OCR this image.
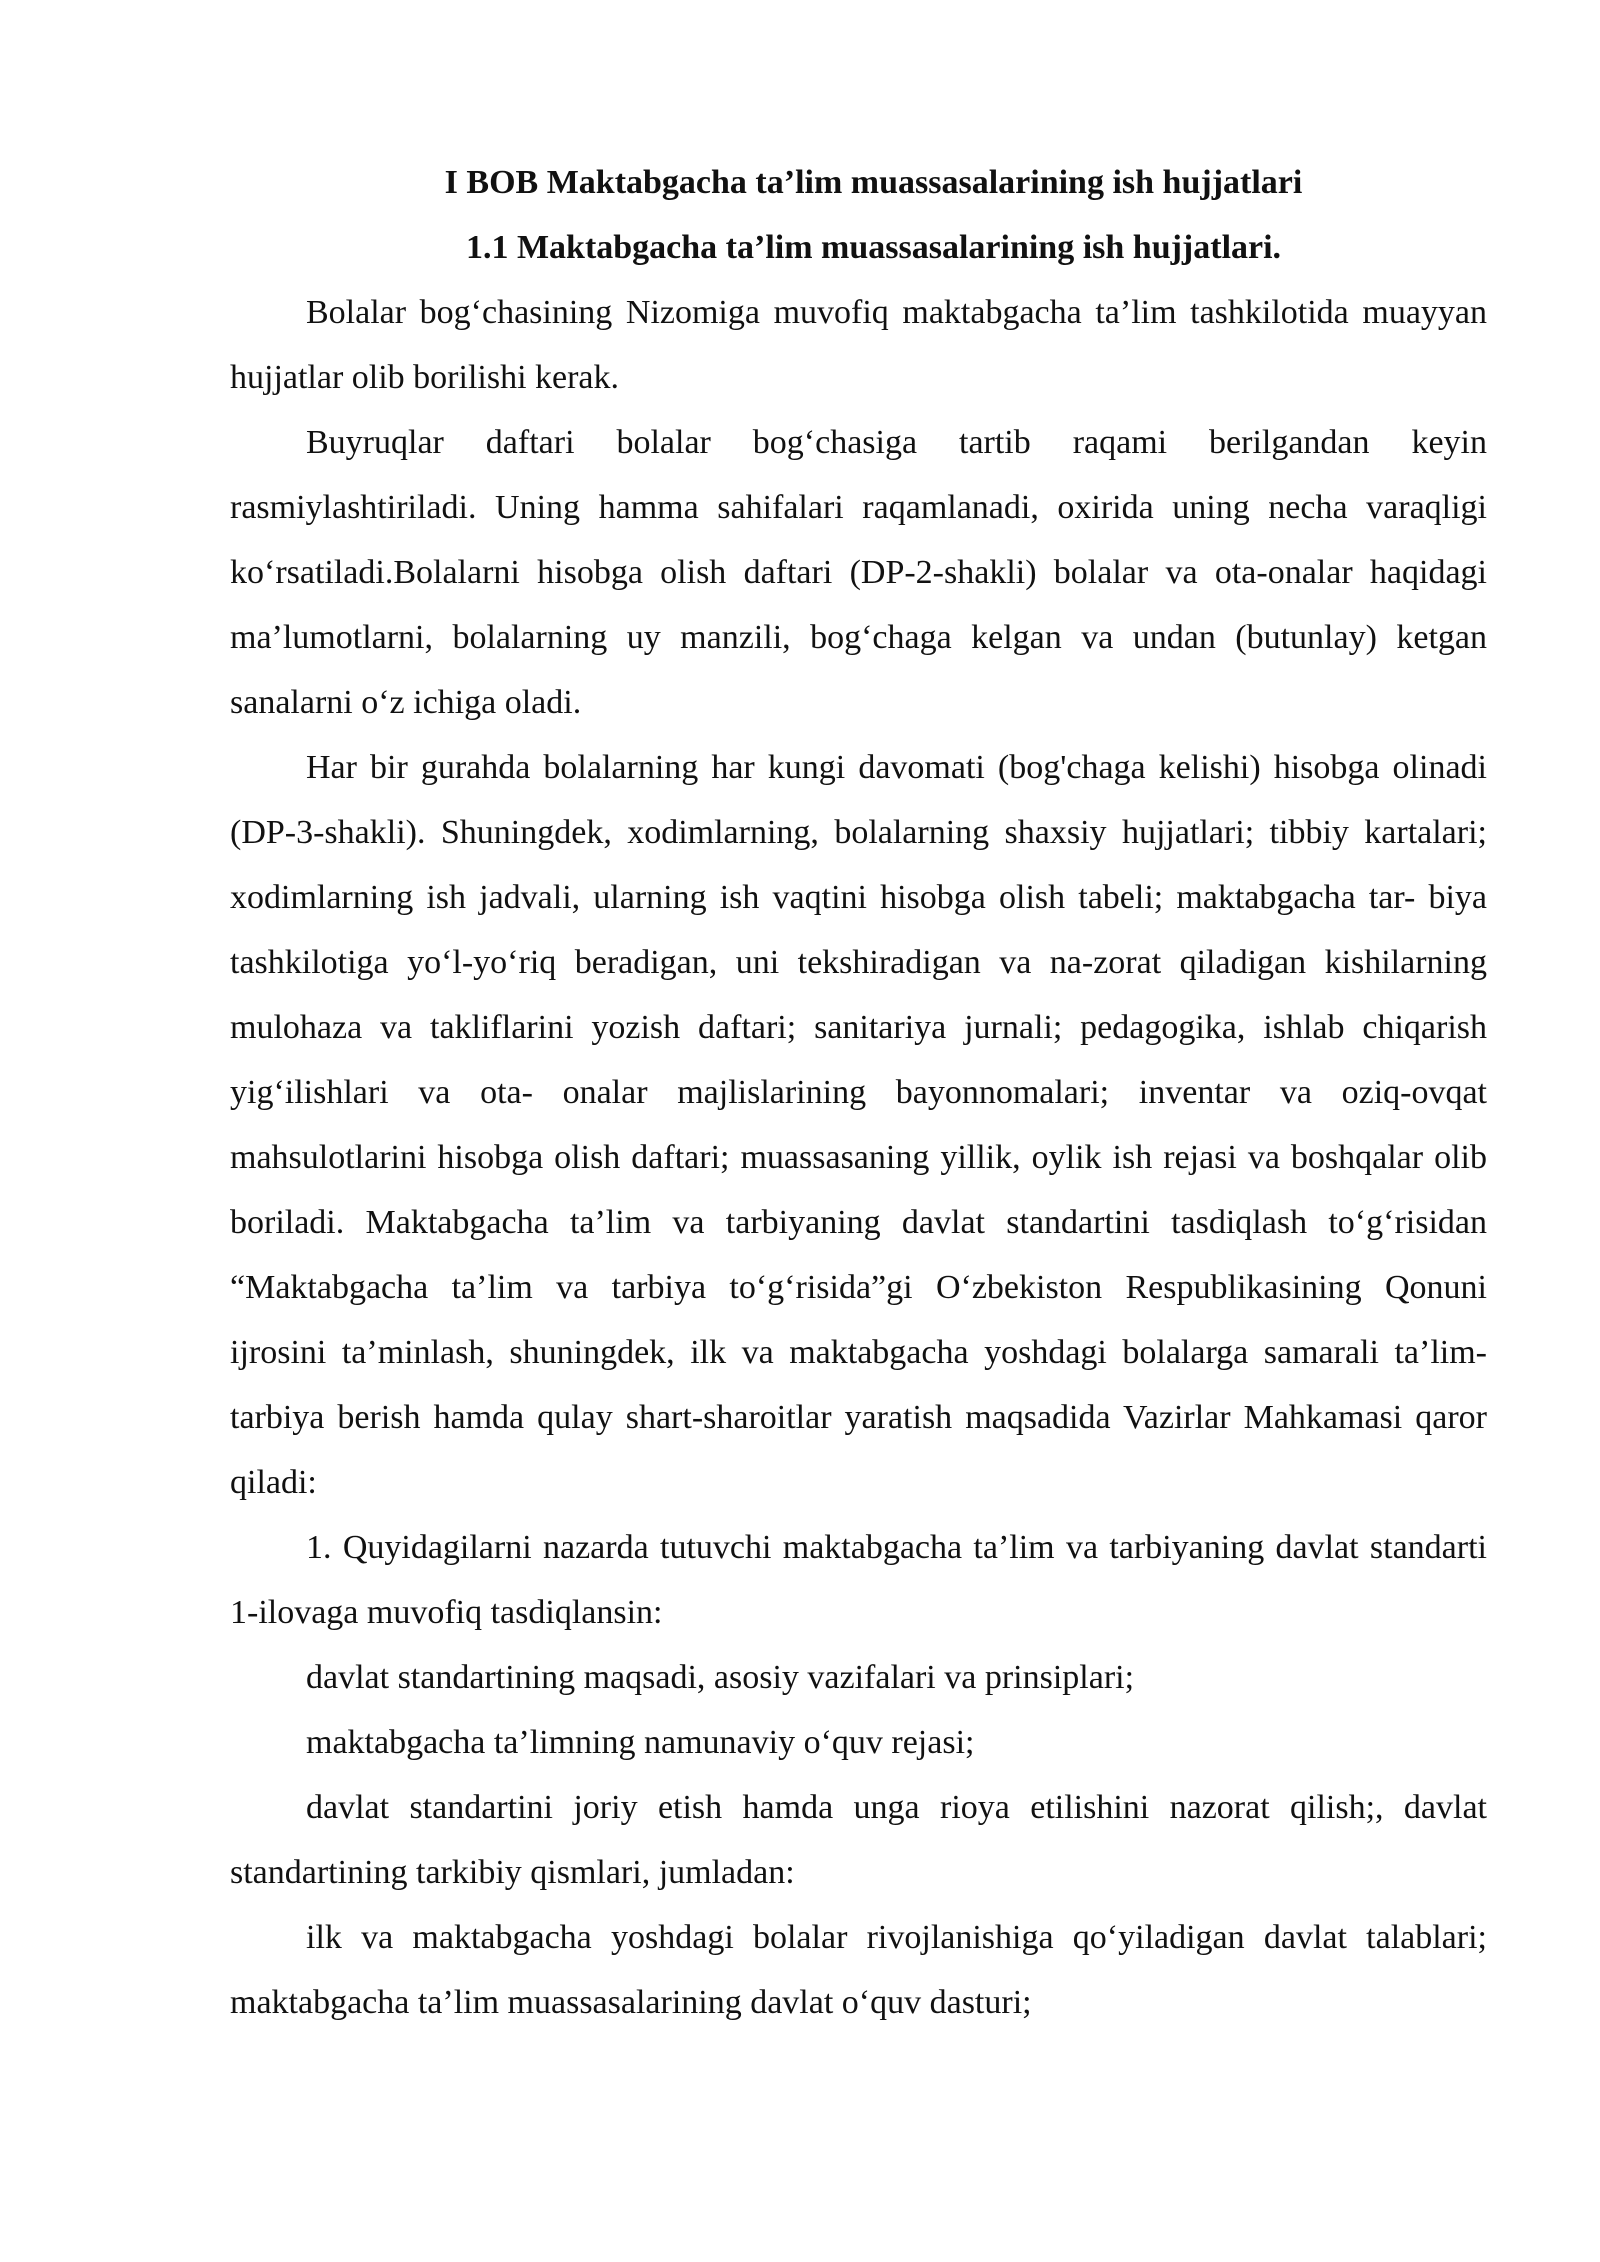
I BOB Maktabgacha ta’lim muassasalarining ish hujjatlari
1.1 Maktabgacha ta’lim muassasalarining ish hujjatlari.

Bolalar bog‘chasining Nizomiga muvofiq maktabgacha ta’lim tashkilotida muayyan hujjatlar olib borilishi kerak.

Buyruqlar daftari bolalar bog‘chasiga tartib raqami berilgandan keyin rasmiylashtiriladi. Uning hamma sahifalari raqamlanadi, oxirida uning necha varaqligi ko‘rsatiladi.Bolalarni hisobga olish daftari (DP-2-shakli) bolalar va ota-onalar haqidagi ma’lumotlarni, bolalarning uy manzili, bog‘chaga kelgan va undan (butunlay) ketgan sanalarni o‘z ichiga oladi.

Har bir gurahda bolalarning har kungi davomati (bog'chaga kelishi) hisobga olinadi (DP-3-shakli). Shuningdek, xodimlarning, bolalarning shaxsiy hujjatlari; tibbiy kartalari; xodimlarning ish jadvali, ularning ish vaqtini hisobga olish tabeli; maktabgacha tar- biya tashkilotiga yo‘l-yo‘riq beradigan, uni tekshiradigan va na-zorat qiladigan kishilarning mulohaza va takliflarini yozish daftari; sanitariya jurnali; pedagogika, ishlab chiqarish yig‘ilishlari va ota- onalar majlislarining bayonnomalari; inventar va oziq-ovqat mahsulotlarini hisobga olish daftari; muassasaning yillik, oylik ish rejasi va boshqalar olib boriladi. Maktabgacha ta’lim va tarbiyaning davlat standartini tasdiqlash to‘g‘risidan “Maktabgacha ta’lim va tarbiya to‘g‘risida”gi O‘zbekiston Respublikasining Qonuni ijrosini ta’minlash, shuningdek, ilk va maktabgacha yoshdagi bolalarga samarali ta’lim-tarbiya berish hamda qulay shart-sharoitlar yaratish maqsadida Vazirlar Mahkamasi qaror qiladi:

1. Quyidagilarni nazarda tutuvchi maktabgacha ta’lim va tarbiyaning davlat standarti 1-ilovaga muvofiq tasdiqlansin:

davlat standartining maqsadi, asosiy vazifalari va prinsiplari;

maktabgacha ta’limning namunaviy o‘quv rejasi;

davlat standartini joriy etish hamda unga rioya etilishini nazorat qilish;, davlat standartining tarkibiy qismlari, jumladan:

ilk va maktabgacha yoshdagi bolalar rivojlanishiga qo‘yiladigan davlat talablari; maktabgacha ta’lim muassasalarining davlat o‘quv dasturi;
